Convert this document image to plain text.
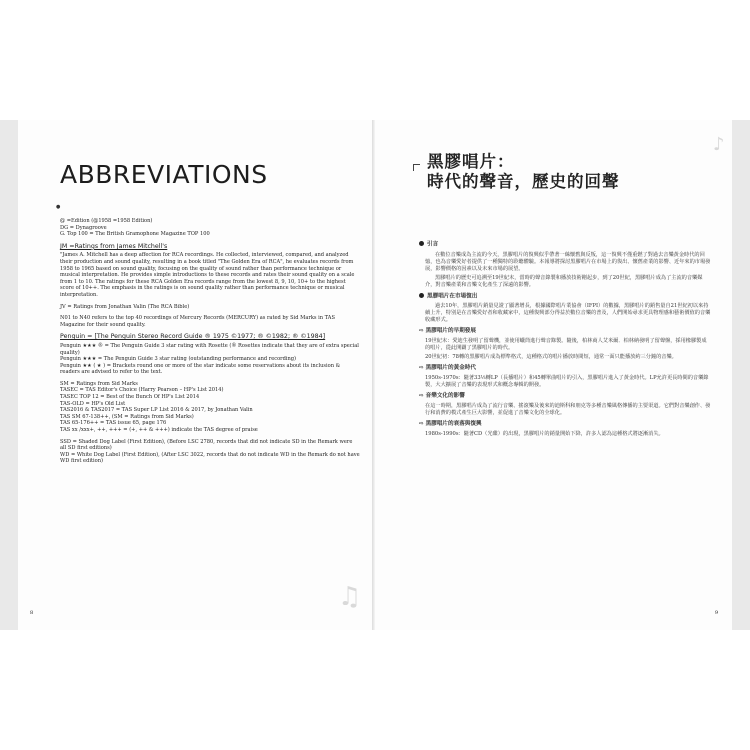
ABBREVIATIONS
●

@ =Edition (@1958 =1958 Edition)

DG = Dynagroove

G. Top 100 = The British Gramophone Magazine TOP 100

JM =Ratings from James Mitchell's

"James A. Mitchell has a deep affection for RCA recordings. He collected, interviewed, compared, and analyzed their production and sound quality, resulting in a book titled "The Golden Era of RCA", he evaluates records from 1958 to 1965 based on sound quality, focusing on the quality of sound rather than performance technique or musical interpretation. He provides simple introductions to these records and rates their sound quality on a scale from 1 to 10. The ratings for these RCA Golden Era records range from the lowest 8, 9, 10, 10+ to the highest score of 10++. The emphasis in the ratings is on sound quality rather than performance technique or musical interpretation.

JV = Ratings from Jonathan Valin (The RCA Bible)

N01 to N40 refers to the top 40 recordings of Mercury Records (MERCURY) as rated by Sid Marks in TAS Magazine for their sound quality.

Penguin = [The Penguin Stereo Record Guide ® 1975 ©1977; ® ©1982; ® ©1984]

Penguin ★★★ ® = The Penguin Guide 3 star rating with Rosette (® Rosettes indicate that they are of extra special quality)

Penguin ★★★ = The Penguin Guide 3 star rating (outstanding performance and recording)

Penguin ★★ ( ★ ) = Brackets round one or more of the star indicate some reservations about its inclusion & readers are advised to refer to the text.

SM = Ratings from Sid Marks

TASEC = TAS Editor's Choice (Harry Pearson – HP's List 2014)

TASEC TOP 12 = Best of the Bunch Of HP's List 2014

TAS-OLD = HP's Old List

TAS2016 & TAS2017 = TAS Super LP List 2016 & 2017, by Jonathan Valin

TAS SM 67-138++, (SM = Ratings from Sid Marks)

TAS 65-176++ = TAS issue 65, page 176

TAS xx /xxx+, ++, +++ = (+, ++ & +++) indicate the TAS degree of praise

SSD = Shaded Dog Label (First Edition), (Before LSC 2780, records that did not indicate SD in the Remark were all SD first editions)

WD = White Dog Label (First Edition), (After LSC 3022, records that do not indicate WD in the Remark do not have WD first edition)

♫
8
♪
黑膠唱片：
時代的聲音，歷史的回聲
引言

在數位音樂成為主流的今天，黑膠唱片的復興似乎帶著一絲懷舊與反叛，這一復興不僅重燃了對過去音樂黃金時代的回憶，也為音樂愛好者提供了一種獨特的聆聽體驗。本報導將探討黑膠唱片在市場上的復出、懷舊產業的影響、近年來的市場發展，影響價格的因素以及未來市場的展望。

黑膠唱片的歷史可追溯至19世紀末，當時的聲音錄製和播放技術剛起步，到了20世紀，黑膠唱片成為了主流的音樂媒介，對音樂產業和音樂文化產生了深遠的影響。

黑膠唱片在市場復出

過去10年，黑膠唱片銷量見證了顯著增長，根據國際唱片業協會（IFPI）的數據，黑膠唱片的銷售量自21世紀初以來持續上升，特別是在音樂愛好者和收藏家中，這種復興部分得益於數位音樂的普及，人們開始尋求更具物理感和藝術價值的音樂收藏形式。

⇨ 黑膠唱片的早期發展

19世紀末：愛迪生發明了留聲機，並使用蠟筒進行聲音錄製。隨後，柏林商人艾米爾．柏林納發明了留聲盤，採用橡膠製成的唱片，從此開闢了黑膠唱片的時代。

20世紀初：78轉的黑膠唱片成為標準格式，這種格式的唱片播放時間短，通常一面只能播放約三分鐘的音樂。

⇨ 黑膠唱片的黃金時代

1950s-1970s：隨著33⅓轉LP（長播唱片）和45轉單曲唱片的引入，黑膠唱片進入了黃金時代。LP允許更長時間的音樂錄製，大大擴展了音樂的表現形式和概念專輯的開發。

⇨ 音樂文化的影響

在這一時期，黑膠唱片成為了流行音樂、搖滾樂及後來的迪斯科和朋克等多種音樂風格傳播的主要渠道。它們對音樂創作、發行和消費的模式產生巨大影響，並促進了音樂文化的全球化。

⇨ 黑膠唱片的衰落與復興

1980s-1990s：隨著CD（光碟）的出現，黑膠唱片的銷量開始下降，許多人認為這種格式將逐漸消失。

9
